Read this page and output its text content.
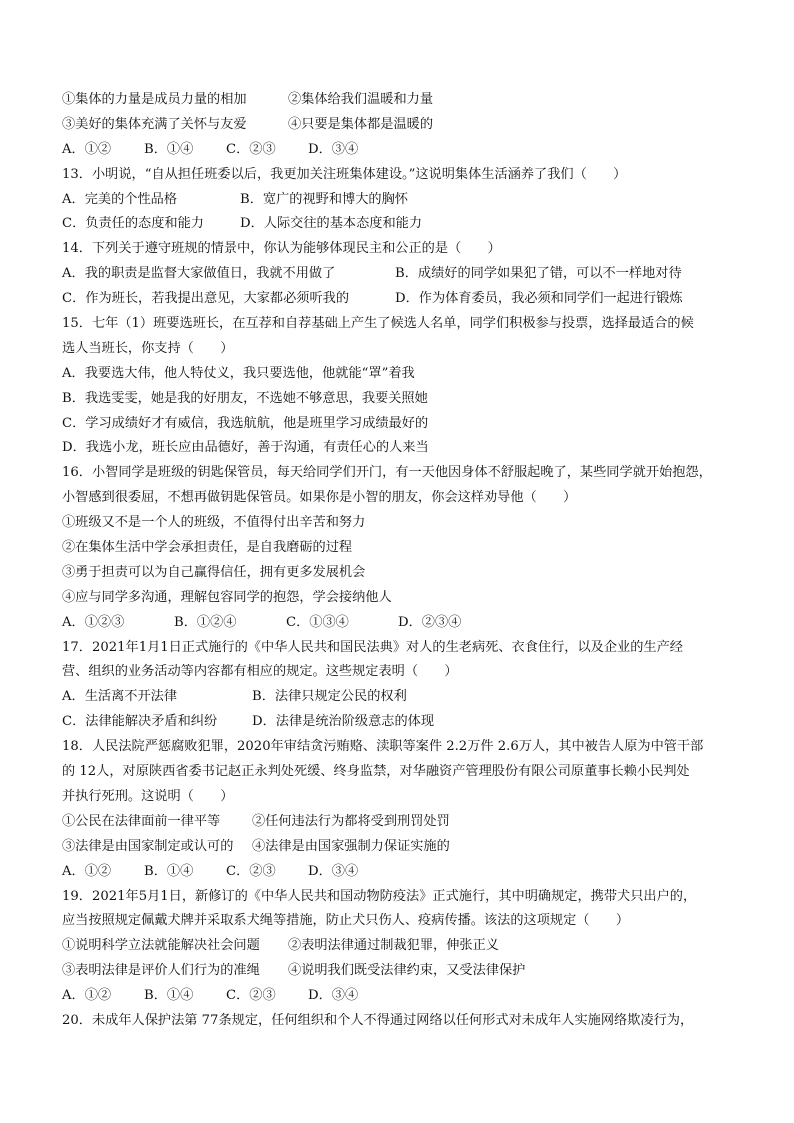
①集体的力量是成员力量的相加	②集体给我们温暖和力量
③美好的集体充满了关怀与友爱	④只要是集体都是温暖的
A．①②	B．①④	C．②③	D．③④
13．小明说，“自从担任班委以后，我更加关注班集体建设。”这说明集体生活涵养了我们（　　）
A．完美的个性品格	B．宽广的视野和博大的胸怀
C．负责任的态度和能力	D．人际交往的基本态度和能力
14．下列关于遵守班规的情景中，你认为能够体现民主和公正的是（　　）
A．我的职责是监督大家做值日，我就不用做了	B．成绩好的同学如果犯了错，可以不一样地对待
C．作为班长，若我提出意见，大家都必须听我的	D．作为体育委员，我必须和同学们一起进行锻炼
15．七年（1）班要选班长，在互荐和自荐基础上产生了候选人名单，同学们积极参与投票，选择最适合的候
选人当班长，你支持（　　）
A．我要选大伟，他人特仗义，我只要选他，他就能“罩”着我
B．我选雯雯，她是我的好朋友，不选她不够意思，我要关照她
C．学习成绩好才有威信，我选航航，他是班里学习成绩最好的
D．我选小龙，班长应由品德好，善于沟通，有责任心的人来当
16．小智同学是班级的钥匙保管员，每天给同学们开门，有一天他因身体不舒服起晚了，某些同学就开始抱怨，
小智感到很委屈，不想再做钥匙保管员。如果你是小智的朋友，你会这样劝导他（　　）
①班级又不是一个人的班级，不值得付出辛苦和努力
②在集体生活中学会承担责任，是自我磨砺的过程
③勇于担责可以为自己赢得信任，拥有更多发展机会
④应与同学多沟通，理解包容同学的抱怨，学会接纳他人
A．①②③	B．①②④	C．①③④	D．②③④
17．2021年1月1日正式施行的《中华人民共和国民法典》对人的生老病死、衣食住行，以及企业的生产经
营、组织的业务活动等内容都有相应的规定。这些规定表明（　　）
A．生活离不开法律	B．法律只规定公民的权利
C．法律能解决矛盾和纠纷	D．法律是统治阶级意志的体现
18．人民法院严惩腐败犯罪，2020年审结贪污贿赂、渎职等案件 2.2万件 2.6万人，其中被告人原为中管干部
的 12人，对原陕西省委书记赵正永判处死缓、终身监禁，对华融资产管理股份有限公司原董事长赖小民判处
并执行死刑。这说明（　　）
①公民在法律面前一律平等	②任何违法行为都将受到刑罚处罚
③法律是由国家制定或认可的	④法律是由国家强制力保证实施的
A．①②	B．①④	C．②③	D．③④
19．2021年5月1日，新修订的《中华人民共和国动物防疫法》正式施行，其中明确规定，携带犬只出户的，
应当按照规定佩戴犬牌并采取系犬绳等措施，防止犬只伤人、疫病传播。该法的这项规定（　　）
①说明科学立法就能解决社会问题	②表明法律通过制裁犯罪，伸张正义
③表明法律是评价人们行为的准绳	④说明我们既受法律约束，又受法律保护
A．①②	B．①④	C．②③	D．③④
20．未成年人保护法第 77条规定，任何组织和个人不得通过网络以任何形式对未成年人实施网络欺凌行为，
